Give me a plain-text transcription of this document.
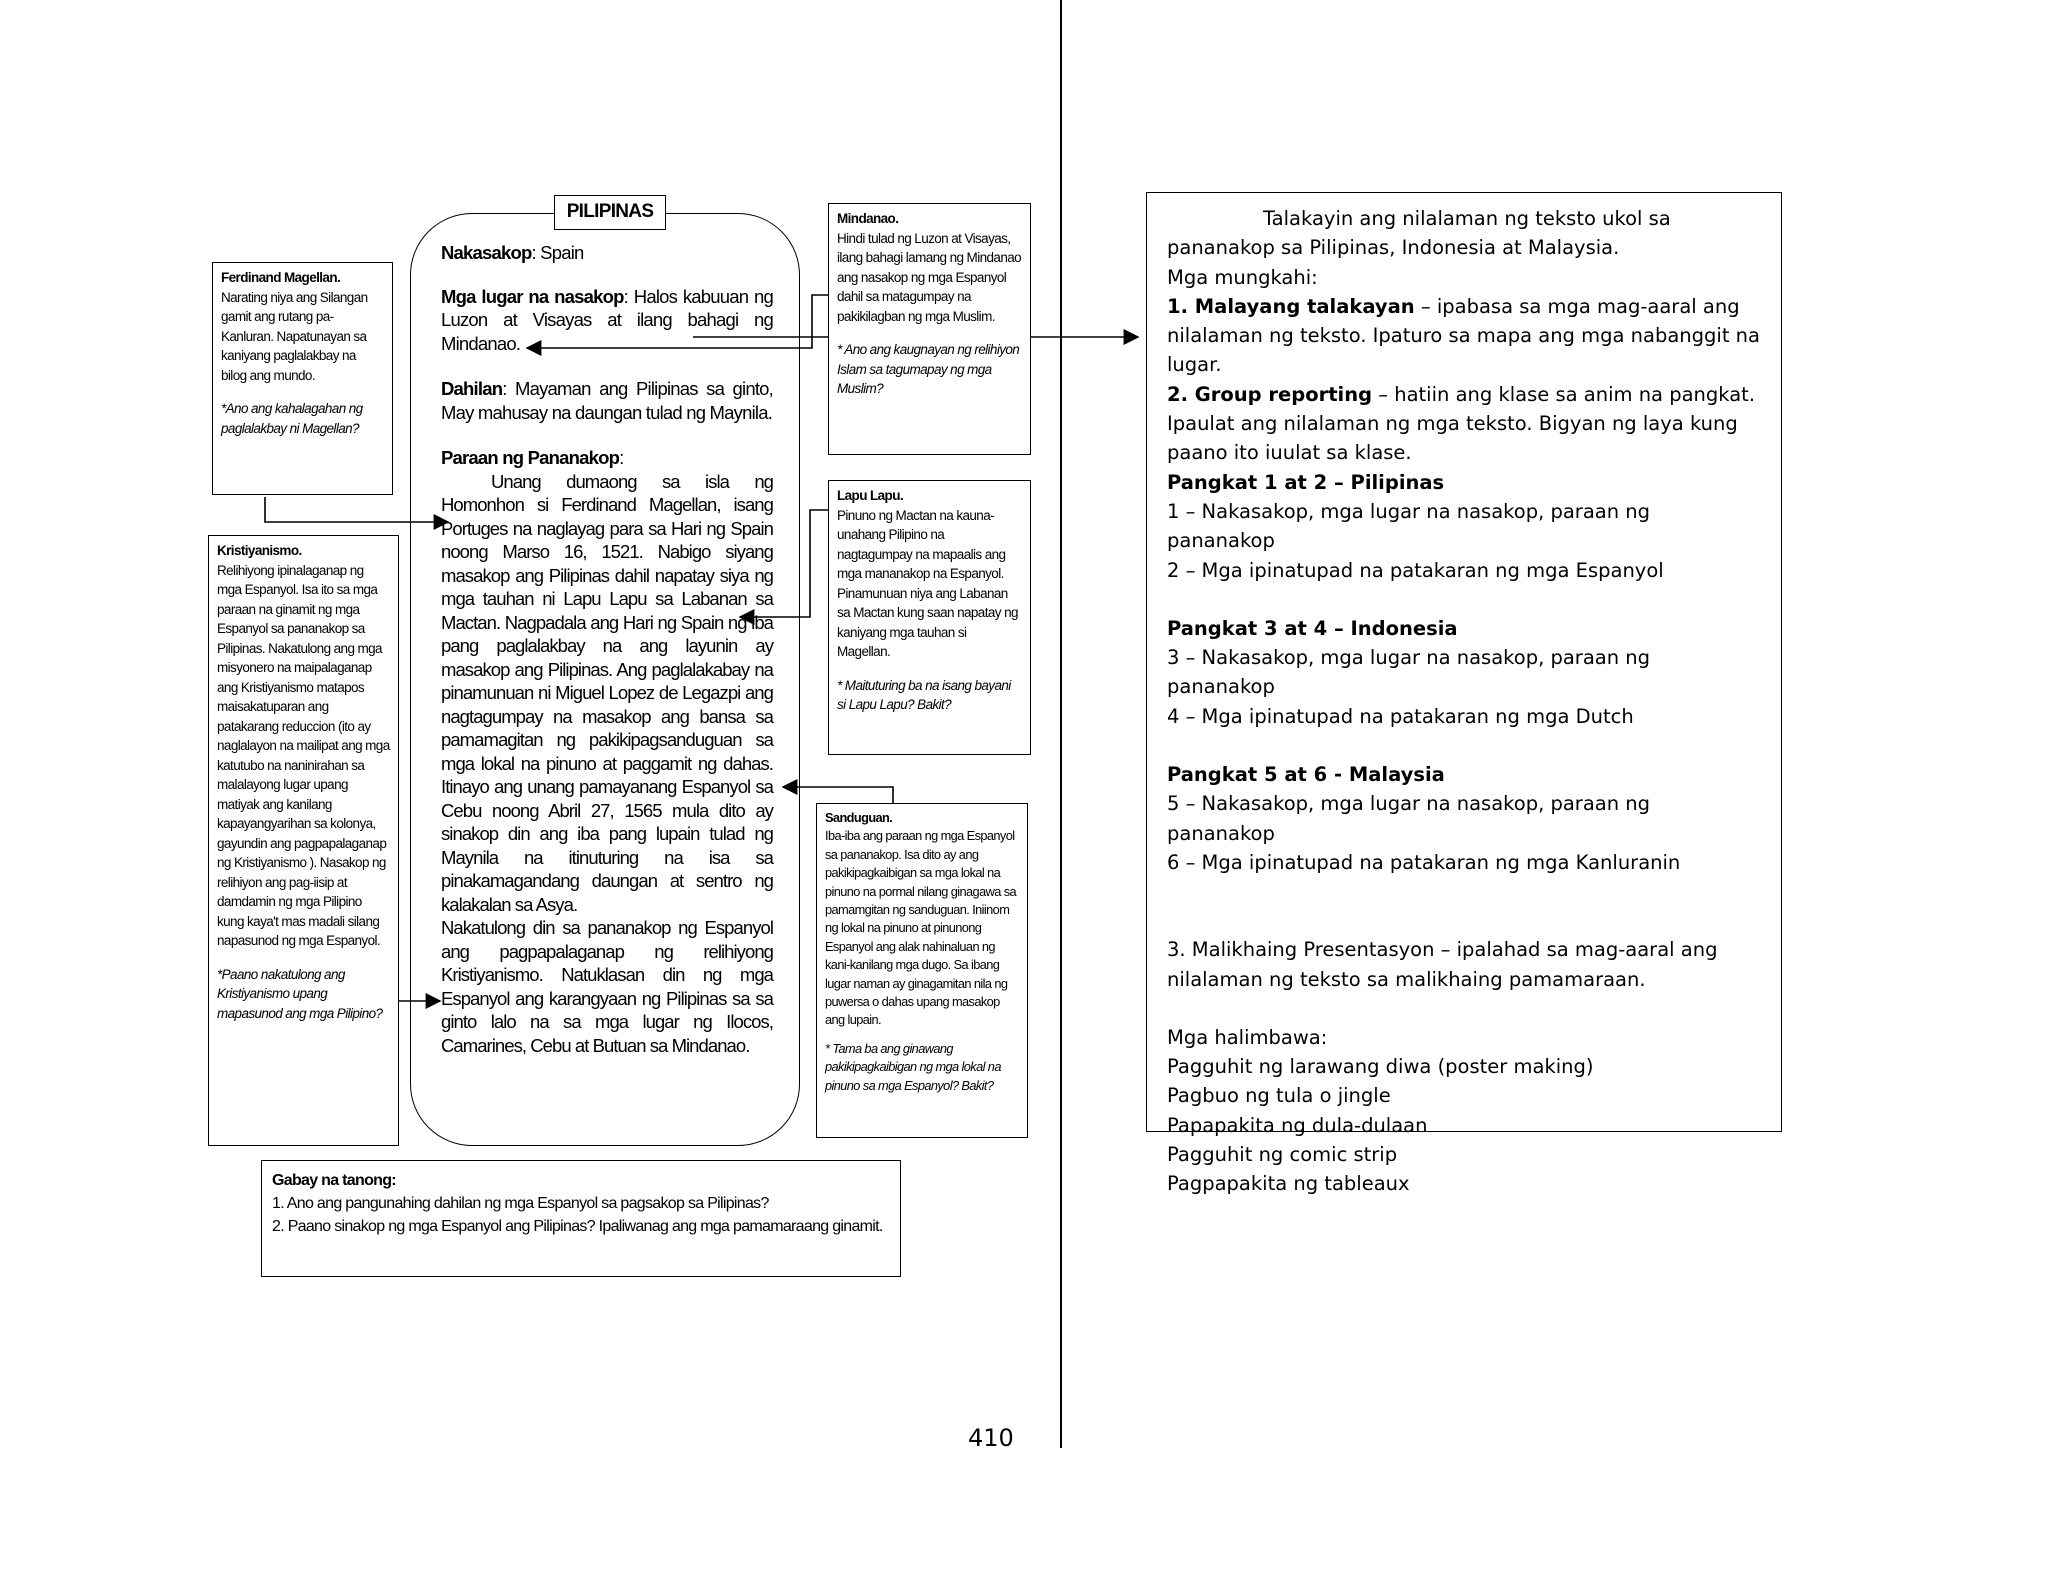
PILIPINAS

Nakasakop: Spain

Mga lugar na nasakop: Halos kabuuan ng Luzon at Visayas at ilang bahagi ng Mindanao.

Dahilan: Mayaman ang Pilipinas sa ginto, May mahusay na daungan tulad ng Maynila.

Paraan ng Pananakop:

Unang dumaong sa isla ng Homonhon si Ferdinand Magellan, isang Portuges na naglayag para sa Hari ng Spain noong Marso 16, 1521. Nabigo siyang masakop ang Pilipinas dahil napatay siya ng mga tauhan ni Lapu Lapu sa Labanan sa Mactan. Nagpadala ang Hari ng Spain ng iba pang paglalakbay na ang layunin ay masakop ang Pilipinas. Ang paglalakabay na pinamunuan ni Miguel Lopez de Legazpi ang nagtagumpay na masakop ang bansa sa pamamagitan ng pakikipagsanduguan sa mga lokal na pinuno at paggamit ng dahas. Itinayo ang unang pamayanang Espanyol sa Cebu noong Abril 27, 1565 mula dito ay sinakop din ang iba pang lupain tulad ng Maynila na itinuturing na isa sa pinakamagandang daungan at sentro ng kalakalan sa Asya.

Nakatulong din sa pananakop ng Espanyol ang pagpapalaganap ng relihiyong Kristiyanismo. Natuklasan din ng mga Espanyol ang karangyaan ng Pilipinas sa sa ginto lalo na sa mga lugar ng Ilocos, Camarines, Cebu at Butuan sa Mindanao.

Ferdinand Magellan.

Narating niya ang Silangan gamit ang rutang pa-Kanluran. Napatunayan sa kaniyang paglalakbay na bilog ang mundo.

*Ano ang kahalagahan ng paglalakbay ni Magellan?

Kristiyanismo.

Relihiyong ipinalaganap ng mga Espanyol. Isa ito sa mga paraan na ginamit ng mga Espanyol sa pananakop sa Pilipinas. Nakatulong ang mga misyonero na maipalaganap ang Kristiyanismo matapos maisakatuparan ang patakarang reduccion (ito ay naglalayon na mailipat ang mga katutubo na naninirahan sa malalayong lugar upang matiyak ang kanilang kapayangyarihan sa kolonya, gayundin ang pagpapalaganap ng Kristiyanismo ). Nasakop ng relihiyon ang pag-iisip at damdamin ng mga Pilipino kung kaya't mas madali silang napasunod ng mga Espanyol.

*Paano nakatulong ang Kristiyanismo upang mapasunod ang mga Pilipino?

Mindanao.

Hindi tulad ng Luzon at Visayas, ilang bahagi lamang ng Mindanao ang nasakop ng mga Espanyol dahil sa matagumpay na pakikilagban ng mga Muslim.

* Ano ang kaugnayan ng relihiyon Islam sa tagumapay ng mga Muslim?

Lapu Lapu.

Pinuno ng Mactan na kauna-unahang Pilipino na nagtagumpay na mapaalis ang mga mananakop na Espanyol. Pinamunuan niya ang Labanan sa Mactan kung saan napatay ng kaniyang mga tauhan si Magellan.

* Maituturing ba na isang bayani si Lapu Lapu? Bakit?

Sanduguan.

Iba-iba ang paraan ng mga Espanyol sa pananakop. Isa dito ay ang pakikipagkaibigan sa mga lokal na pinuno na pormal nilang ginagawa sa pamamgitan ng sanduguan. Iniinom ng lokal na pinuno at pinunong Espanyol ang alak nahinaluan ng kani-kanilang mga dugo. Sa ibang lugar naman ay ginagamitan nila ng puwersa o dahas upang masakop ang lupain.

* Tama ba ang ginawang pakikipagkaibigan ng mga lokal na pinuno sa mga Espanyol? Bakit?

Gabay na tanong:
1. Ano ang pangunahing dahilan ng mga Espanyol sa pagsakop sa Pilipinas?
2. Paano sinakop ng mga Espanyol ang Pilipinas? Ipaliwanag ang mga pamamaraang ginamit.

Talakayin ang nilalaman ng teksto ukol sa pananakop sa Pilipinas, Indonesia at Malaysia.

Mga mungkahi:

1. Malayang talakayan – ipabasa sa mga mag-aaral ang nilalaman ng teksto. Ipaturo sa mapa ang mga nabanggit na lugar.

2. Group reporting – hatiin ang klase sa anim na pangkat. Ipaulat ang nilalaman ng mga teksto. Bigyan ng laya kung paano ito iuulat sa klase.

Pangkat 1 at 2 – Pilipinas

1 – Nakasakop, mga lugar na nasakop, paraan ng pananakop

2 – Mga ipinatupad na patakaran ng mga Espanyol

Pangkat 3 at 4 – Indonesia

3 – Nakasakop, mga lugar na nasakop, paraan ng pananakop

4 – Mga ipinatupad na patakaran ng mga Dutch

Pangkat 5 at 6 - Malaysia

5 – Nakasakop, mga lugar na nasakop, paraan ng pananakop

6 – Mga ipinatupad na patakaran ng mga Kanluranin

3. Malikhaing Presentasyon – ipalahad sa mag-aaral ang nilalaman ng teksto sa malikhaing pamamaraan.

Mga halimbawa:

Pagguhit ng larawang diwa (poster making)

Pagbuo ng tula o jingle

Papapakita ng dula-dulaan

Pagguhit ng comic strip

Pagpapakita ng tableaux

410
